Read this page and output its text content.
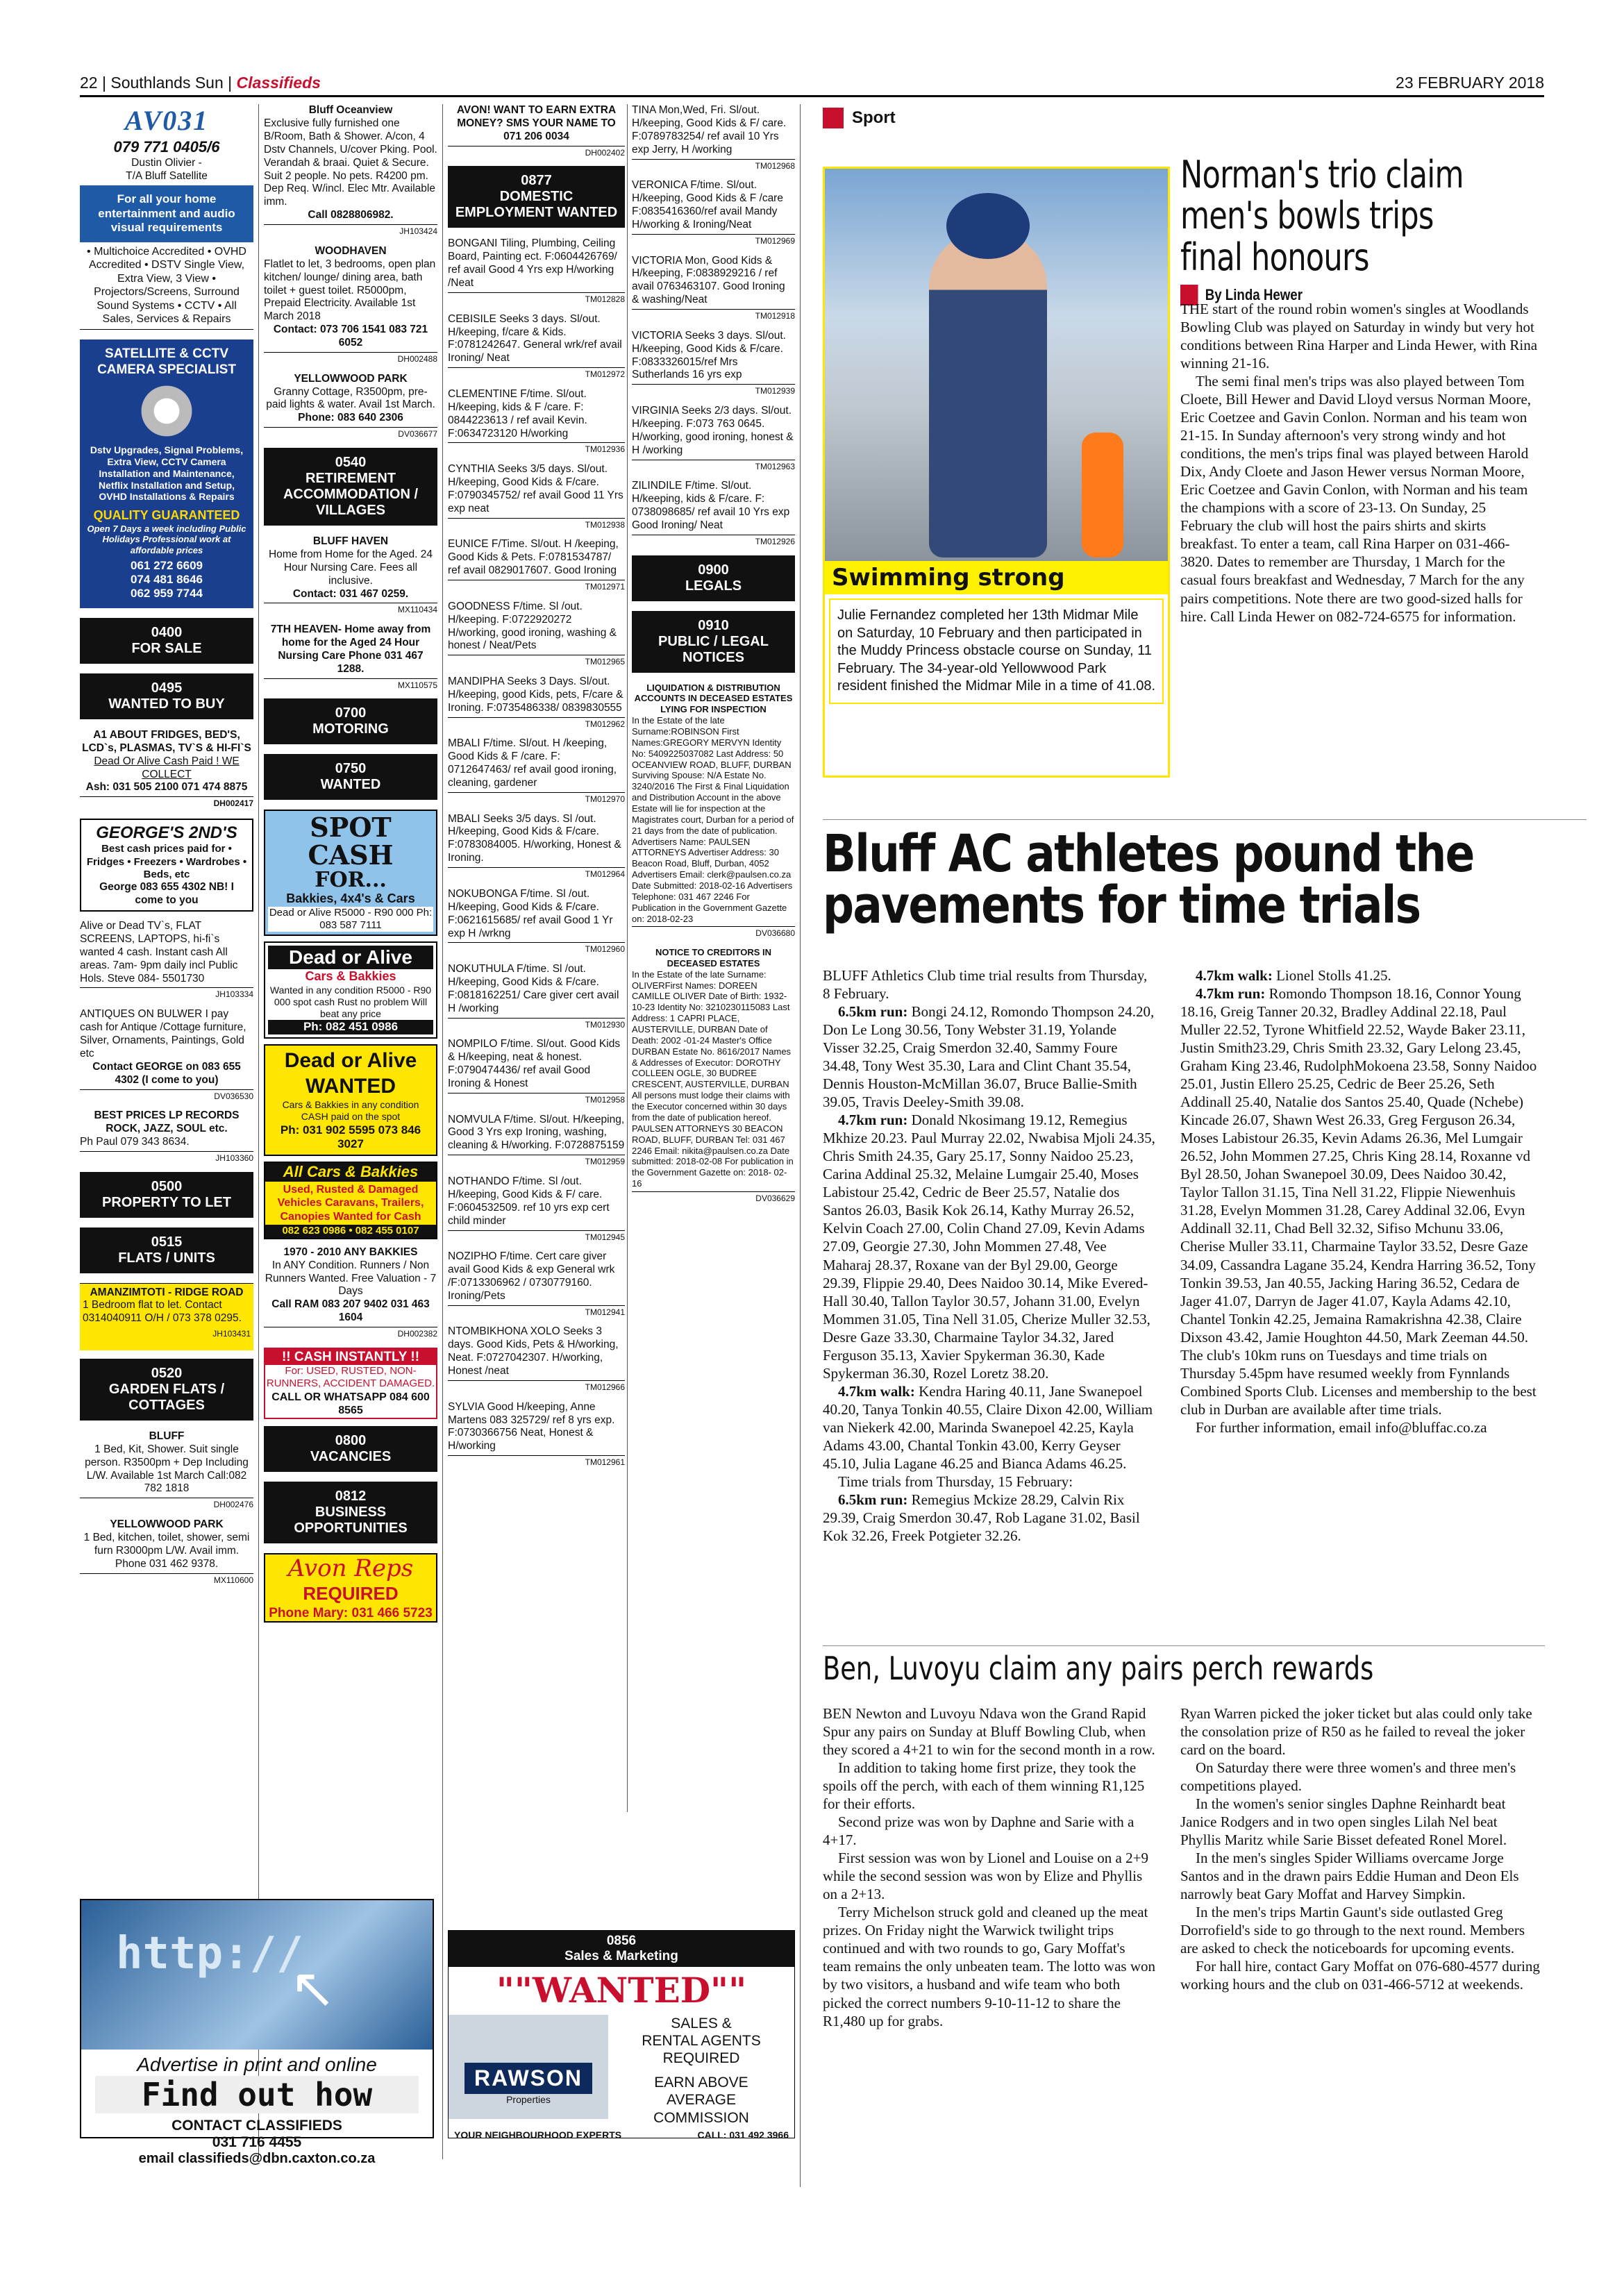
22 | Southlands Sun | Classifieds	23 FEBRUARY 2018
AV031
079 771 0405/6

Dustin Olivier -

T/A Bluff Satellite

For all your home entertainment and audio visual requirements

• Multichoice Accredited • OVHD Accredited • DSTV Single View, Extra View, 3 View • Projectors/Screens, Surround Sound Systems • CCTV • All Sales, Services & Repairs

SATELLITE & CCTV CAMERA SPECIALIST
Dstv Upgrades, Signal Problems, Extra View, CCTV Camera Installation and Maintenance, Netflix Installation and Setup, OVHD Installations & Repairs
QUALITY GUARANTEED
Open 7 Days a week including Public Holidays Professional work at affordable prices
061 272 6609
074 481 8646
062 959 7744
0400
FOR SALE
0495
WANTED TO BUY

A1 ABOUT FRIDGES, BED'S, LCD`s, PLASMAS, TV`S & HI-FI`S

Dead Or Alive Cash Paid ! WE COLLECT

Ash: 031 505 2100 071 474 8875

DH002417
GEORGE'S 2ND'S
Best cash prices paid for • Fridges • Freezers • Wardrobes • Beds, etc
George 083 655 4302 NB! I come to you

Alive or Dead TV`s, FLAT SCREENS, LAPTOPS, hi-fi`s wanted 4 cash. Instant cash All areas. 7am- 9pm daily incl Public Hols. Steve 084- 5501730

JH103334

ANTIQUES ON BULWER I pay cash for Antique /Cottage furniture, Silver, Ornaments, Paintings, Gold etc

Contact GEORGE on 083 655 4302 (I come to you)

DV036530

BEST PRICES LP RECORDS ROCK, JAZZ, SOUL etc.

Ph Paul 079 343 8634.

JH103360
0500
PROPERTY TO LET
0515
FLATS / UNITS

AMANZIMTOTI - RIDGE ROAD

1 Bedroom flat to let. Contact 0314040911 O/H / 073 378 0295.

JH103431
0520
GARDEN FLATS / COTTAGES

BLUFF

1 Bed, Kit, Shower. Suit single person. R3500pm + Dep Including L/W. Available 1st March Call:082 782 1818

DH002476

YELLOWWOOD PARK

1 Bed, kitchen, toilet, shower, semi furn R3000pm L/W. Avail imm. Phone 031 462 9378.

MX110600
http://
↖
Advertise in print and online
Find out how
CONTACT CLASSIFIEDS
031 716 4455
email classifieds@dbn.caxton.co.za

Bluff Oceanview

Exclusive fully furnished one B/Room, Bath & Shower. A/con, 4 Dstv Channels, U/cover Pking. Pool. Verandah & braai. Quiet & Secure. Suit 2 people. No pets. R4200 pm. Dep Req. W/incl. Elec Mtr. Available imm.

Call 0828806982.

JH103424

WOODHAVEN

Flatlet to let, 3 bedrooms, open plan kitchen/ lounge/ dining area, bath toilet + guest toilet. R5000pm, Prepaid Electricity. Available 1st March 2018

Contact: 073 706 1541 083 721 6052

DH002488

YELLOWWOOD PARK

Granny Cottage, R3500pm, pre-paid lights & water. Avail 1st March.

Phone: 083 640 2306

DV036677
0540
RETIREMENT ACCOMMODATION / VILLAGES

BLUFF HAVEN

Home from Home for the Aged. 24 Hour Nursing Care. Fees all inclusive.

Contact: 031 467 0259.

MX110434

7TH HEAVEN- Home away from home for the Aged 24 Hour Nursing Care Phone 031 467 1288.

MX110575
0700
MOTORING
0750
WANTED
SPOT
CASH
FOR...
Bakkies, 4x4's & Cars
Dead or Alive R5000 - R90 000 Ph: 083 587 7111
Dead or Alive
Cars & Bakkies
Wanted in any condition R5000 - R90 000 spot cash Rust no problem Will beat any price
Ph: 082 451 0986
Dead or Alive
WANTED
Cars & Bakkies in any condition CASH paid on the spot
Ph: 031 902 5595 073 846 3027
All Cars & Bakkies
Used, Rusted & Damaged Vehicles Caravans, Trailers, Canopies Wanted for Cash
082 623 0986 • 082 455 0107

1970 - 2010 ANY BAKKIES

In ANY Condition. Runners / Non Runners Wanted. Free Valuation - 7 Days

Call RAM 083 207 9402 031 463 1604

DH002382
!! CASH INSTANTLY !!
For: USED, RUSTED, NON-RUNNERS, ACCIDENT DAMAGED.
CALL OR WHATSAPP 084 600 8565
0800
VACANCIES
0812
BUSINESS OPPORTUNITIES
Avon Reps
REQUIRED
Phone Mary: 031 466 5723

AVON! WANT TO EARN EXTRA MONEY? SMS YOUR NAME TO 071 206 0034

DH002402
0877
DOMESTIC EMPLOYMENT WANTED

BONGANI Tiling, Plumbing, Ceiling Board, Painting ect. F:0604426769/ ref avail Good 4 Yrs exp H/working /Neat

TM012828

CEBISILE Seeks 3 days. Sl/out. H/keeping, f/care & Kids. F:0781242647. General wrk/ref avail Ironing/ Neat

TM012972

CLEMENTINE F/time. Sl/out. H/keeping, kids & F /care. F: 0844223613 / ref avail Kevin. F:0634723120 H/working

TM012936

CYNTHIA Seeks 3/5 days. Sl/out. H/keeping, Good Kids & F/care. F:0790345752/ ref avail Good 11 Yrs exp neat

TM012938

EUNICE F/Time. Sl/out. H /keeping, Good Kids & Pets. F:0781534787/ ref avail 0829017607. Good Ironing

TM012971

GOODNESS F/time. Sl /out. H/keeping. F:0722920272 H/working, good ironing, washing & honest / Neat/Pets

TM012965

MANDIPHA Seeks 3 Days. Sl/out. H/keeping, good Kids, pets, F/care & Ironing. F:0735486338/ 0839830555

TM012962

MBALI F/time. Sl/out. H /keeping, Good Kids & F /care. F: 0712647463/ ref avail good ironing, cleaning, gardener

TM012970

MBALI Seeks 3/5 days. Sl /out. H/keeping, Good Kids & F/care. F:0783084005. H/working, Honest & Ironing.

TM012964

NOKUBONGA F/time. Sl /out. H/keeping, Good Kids & F/care. F:0621615685/ ref avail Good 1 Yr exp H /wrkng

TM012960

NOKUTHULA F/time. Sl /out. H/keeping, Good Kids & F/care. F:0818162251/ Care giver cert avail H /working

TM012930

NOMPILO F/time. Sl/out. Good Kids & H/keeping, neat & honest. F:0790474436/ ref avail Good Ironing & Honest

TM012958

NOMVULA F/time. Sl/out. H/keeping, Good 3 Yrs exp Ironing, washing, cleaning & H/working. F:0728875159

TM012959

NOTHANDO F/time. Sl /out. H/keeping, Good Kids & F/ care. F:0604532509. ref 10 yrs exp cert child minder

TM012945

NOZIPHO F/time. Cert care giver avail Good Kids & exp General wrk /F:0713306962 / 0730779160. Ironing/Pets

TM012941

NTOMBIKHONA XOLO Seeks 3 days. Good Kids, Pets & H/working, Neat. F:0727042307. H/working, Honest /neat

TM012966

SYLVIA Good H/keeping, Anne Martens 083 325729/ ref 8 yrs exp. F:0730366756 Neat, Honest & H/working

TM012961

TINA Mon,Wed, Fri. Sl/out. H/keeping, Good Kids & F/ care. F:0789783254/ ref avail 10 Yrs exp Jerry, H /working

TM012968

VERONICA F/time. Sl/out. H/keeping, Good Kids & F /care F:0835416360/ref avail Mandy H/working & Ironing/Neat

TM012969

VICTORIA Mon, Good Kids & H/keeping, F:0838929216 / ref avail 0763463107. Good Ironing & washing/Neat

TM012918

VICTORIA Seeks 3 days. Sl/out. H/keeping, Good Kids & F/care. F:0833326015/ref Mrs Sutherlands 16 yrs exp

TM012939

VIRGINIA Seeks 2/3 days. Sl/out. H/keeping. F:073 763 0645. H/working, good ironing, honest & H /working

TM012963

ZILINDILE F/time. Sl/out. H/keeping, kids & F/care. F: 0738098685/ ref avail 10 Yrs exp Good Ironing/ Neat

TM012926
0900
LEGALS
0910
PUBLIC / LEGAL NOTICES

LIQUIDATION & DISTRIBUTION ACCOUNTS IN DECEASED ESTATES LYING FOR INSPECTION

In the Estate of the late Surname:ROBINSON First Names:GREGORY MERVYN Identity No: 5409225037082 Last Address: 50 OCEANVIEW ROAD, BLUFF, DURBAN Surviving Spouse: N/A Estate No. 3240/2016 The First & Final Liquidation and Distribution Account in the above Estate will lie for inspection at the Magistrates court, Durban for a period of 21 days from the date of publication. Advertisers Name: PAULSEN ATTORNEYS Advertiser Address: 30 Beacon Road, Bluff, Durban, 4052 Advertisers Email: clerk@paulsen.co.za Date Submitted: 2018-02-16 Advertisers Telephone: 031 467 2246 For Publication in the Government Gazette on: 2018-02-23

DV036680

NOTICE TO CREDITORS IN DECEASED ESTATES

In the Estate of the late Surname: OLIVERFirst Names: DOREEN CAMILLE OLIVER Date of Birth: 1932-10-23 Identity No: 3210230115083 Last Address: 1 CAPRI PLACE, AUSTERVILLE, DURBAN Date of Death: 2002 -01-24 Master's Office DURBAN Estate No. 8616/2017 Names & Addresses of Executor: DOROTHY COLLEEN OGLE, 30 BUDREE CRESCENT, AUSTERVILLE, DURBAN All persons must lodge their claims with the Executor concerned within 30 days from the date of publication hereof. PAULSEN ATTORNEYS 30 BEACON ROAD, BLUFF, DURBAN Tel: 031 467 2246 Email: nikita@paulsen.co.za Date submitted: 2018-02-08 For publication in the Government Gazette on: 2018- 02-16

DV036629
0856
Sales & Marketing
""WANTED""
RAWSON
Properties
SALES &
RENTAL AGENTS
REQUIRED
EARN ABOVE
AVERAGE
COMMISSION
YOUR NEIGHBOURHOOD EXPERTS	CALL: 031 492 3966
Sport
Swimming strong
Julie Fernandez completed her 13th Midmar Mile on Saturday, 10 February and then participated in the Muddy Princess obstacle course on Sunday, 11 February. The 34-year-old Yellowwood Park resident finished the Midmar Mile in a time of 41.08.
Norman's trio claim men's bowls trips final honours
By Linda Hewer

THE start of the round robin women's singles at Woodlands Bowling Club was played on Saturday in windy but very hot conditions between Rina Harper and Linda Hewer, with Rina winning 21-16.

The semi final men's trips was also played between Tom Cloete, Bill Hewer and David Lloyd versus Norman Moore, Eric Coetzee and Gavin Conlon. Norman and his team won 21-15. In Sunday afternoon's very strong windy and hot conditions, the men's trips final was played between Harold Dix, Andy Cloete and Jason Hewer versus Norman Moore, Eric Coetzee and Gavin Conlon, with Norman and his team the champions with a score of 23-13. On Sunday, 25 February the club will host the pairs shirts and skirts breakfast. To enter a team, call Rina Harper on 031-466-3820. Dates to remember are Thursday, 1 March for the casual fours breakfast and Wednesday, 7 March for the any pairs competitions. Note there are two good-sized halls for hire. Call Linda Hewer on 082-724-6575 for information.

Bluff AC athletes pound the pavements for time trials

BLUFF Athletics Club time trial results from Thursday, 8 February.

6.5km run: Bongi 24.12, Romondo Thompson 24.20, Don Le Long 30.56, Tony Webster 31.19, Yolande Visser 32.25, Craig Smerdon 32.40, Sammy Foure 34.48, Tony West 35.30, Lara and Clint Chant 35.54, Dennis Houston-McMillan 36.07, Bruce Ballie-Smith 39.05, Travis Deeley-Smith 39.08.

4.7km run: Donald Nkosimang 19.12, Remegius Mkhize 20.23. Paul Murray 22.02, Nwabisa Mjoli 24.35, Chris Smith 24.35, Gary 25.17, Sonny Naidoo 25.23, Carina Addinal 25.32, Melaine Lumgair 25.40, Moses Labistour 25.42, Cedric de Beer 25.57, Natalie dos Santos 26.03, Basik Kok 26.14, Kathy Murray 26.52, Kelvin Coach 27.00, Colin Chand 27.09, Kevin Adams 27.09, Georgie 27.30, John Mommen 27.48, Vee Maharaj 28.37, Roxane van der Byl 29.00, George 29.39, Flippie 29.40, Dees Naidoo 30.14, Mike Evered-Hall 30.40, Tallon Taylor 30.57, Johann 31.00, Evelyn Mommen 31.05, Tina Nell 31.05, Cherize Muller 32.53, Desre Gaze 33.30, Charmaine Taylor 34.32, Jared Ferguson 35.13, Xavier Spykerman 36.30, Kade Spykerman 36.30, Rozel Loretz 38.20.

4.7km walk: Kendra Haring 40.11, Jane Swanepoel 40.20, Tanya Tonkin 40.55, Claire Dixon 42.00, William van Niekerk 42.00, Marinda Swanepoel 42.25, Kayla Adams 43.00, Chantal Tonkin 43.00, Kerry Geyser 45.10, Julia Lagane 46.25 and Bianca Adams 46.25.

Time trials from Thursday, 15 February:

6.5km run: Remegius Mckize 28.29, Calvin Rix 29.39, Craig Smerdon 30.47, Rob Lagane 31.02, Basil Kok 32.26, Freek Potgieter 32.26.

4.7km walk: Lionel Stolls 41.25.

4.7km run: Romondo Thompson 18.16, Connor Young 18.16, Greig Tanner 20.32, Bradley Addinal 22.18, Paul Muller 22.52, Tyrone Whitfield 22.52, Wayde Baker 23.11, Justin Smith23.29, Chris Smith 23.32, Gary Lelong 23.45, Graham King 23.46, RudolphMokoena 23.58, Sonny Naidoo 25.01, Justin Ellero 25.25, Cedric de Beer 25.26, Seth Addinall 25.40, Natalie dos Santos 25.40, Quade (Nchebe) Kincade 26.07, Shawn West 26.33, Greg Ferguson 26.34, Moses Labistour 26.35, Kevin Adams 26.36, Mel Lumgair 26.52, John Mommen 27.25, Chris King 28.14, Roxanne vd Byl 28.50, Johan Swanepoel 30.09, Dees Naidoo 30.42, Taylor Tallon 31.15, Tina Nell 31.22, Flippie Niewenhuis 31.28, Evelyn Mommen 31.28, Carey Addinal 32.06, Evyn Addinall 32.11, Chad Bell 32.32, Sifiso Mchunu 33.06, Cherise Muller 33.11, Charmaine Taylor 33.52, Desre Gaze 34.09, Cassandra Lagane 35.24, Kendra Harring 36.52, Tony Tonkin 39.53, Jan 40.55, Jacking Haring 36.52, Cedara de Jager 41.07, Darryn de Jager 41.07, Kayla Adams 42.10, Chantel Tonkin 42.25, Jemaina Ramakrishna 42.38, Claire Dixson 43.42, Jamie Houghton 44.50, Mark Zeeman 44.50. The club's 10km runs on Tuesdays and time trials on Thursday 5.45pm have resumed weekly from Fynnlands Combined Sports Club. Licenses and membership to the best club in Durban are available after time trials.

For further information, email info@bluffac.co.za

Ben, Luvoyu claim any pairs perch rewards

BEN Newton and Luvoyu Ndava won the Grand Rapid Spur any pairs on Sunday at Bluff Bowling Club, when they scored a 4+21 to win for the second month in a row.

In addition to taking home first prize, they took the spoils off the perch, with each of them winning R1,125 for their efforts.

Second prize was won by Daphne and Sarie with a 4+17.

First session was won by Lionel and Louise on a 2+9 while the second session was won by Elize and Phyllis on a 2+13.

Terry Michelson struck gold and cleaned up the meat prizes. On Friday night the Warwick twilight trips continued and with two rounds to go, Gary Moffat's team remains the only unbeaten team. The lotto was won by two visitors, a husband and wife team who both picked the correct numbers 9-10-11-12 to share the R1,480 up for grabs.

Ryan Warren picked the joker ticket but alas could only take the consolation prize of R50 as he failed to reveal the joker card on the board.

On Saturday there were three women's and three men's competitions played.

In the women's senior singles Daphne Reinhardt beat Janice Rodgers and in two open singles Lilah Nel beat Phyllis Maritz while Sarie Bisset defeated Ronel Morel.

In the men's singles Spider Williams overcame Jorge Santos and in the drawn pairs Eddie Human and Deon Els narrowly beat Gary Moffat and Harvey Simpkin.

In the men's trips Martin Gaunt's side outlasted Greg Dorrofield's side to go through to the next round. Members are asked to check the noticeboards for upcoming events.

For hall hire, contact Gary Moffat on 076-680-4577 during working hours and the club on 031-466-5712 at weekends.
